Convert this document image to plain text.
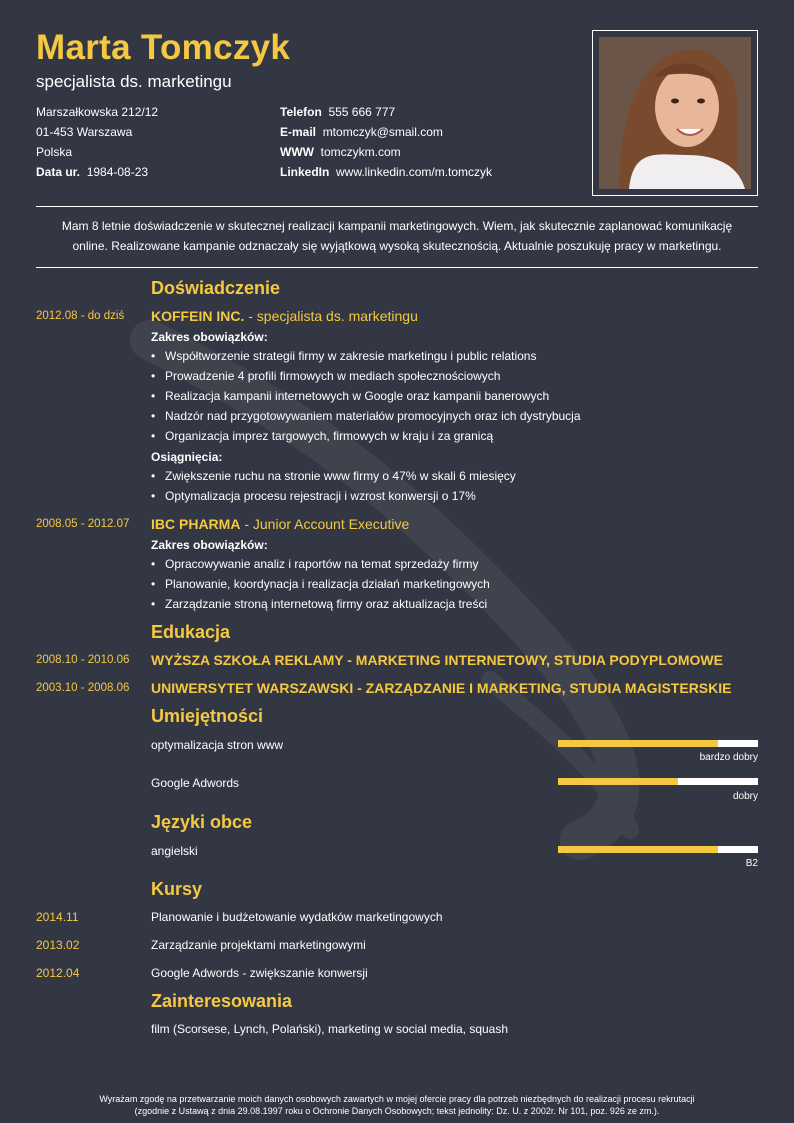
Marta Tomczyk
specjalista ds. marketingu
Marszałkowska 212/12
01-453 Warszawa
Polska
Data ur. 1984-08-23
Telefon 555 666 777
E-mail mtomczyk@smail.com
WWW tomczykm.com
LinkedIn www.linkedin.com/m.tomczyk
Mam 8 letnie doświadczenie w skutecznej realizacji kampanii marketingowych. Wiem, jak skutecznie zaplanować komunikację
online. Realizowane kampanie odznaczały się wyjątkową wysoką skutecznością. Aktualnie poszukuję pracy w marketingu.
Doświadczenie
2012.08 - do dziś KOFFEIN INC. - specjalista ds. marketingu
Zakres obowiązków:
• Współtworzenie strategii firmy w zakresie marketingu i public relations
• Prowadzenie 4 profili firmowych w mediach społecznościowych
• Realizacja kampanii internetowych w Google oraz kampanii banerowych
• Nadzór nad przygotowywaniem materiałów promocyjnych oraz ich dystrybucja
• Organizacja imprez targowych, firmowych w kraju i za granicą
Osiągnięcia:
• Zwiększenie ruchu na stronie www firmy o 47% w skali 6 miesięcy
• Optymalizacja procesu rejestracji i wzrost konwersji o 17%
2008.05 - 2012.07 IBC PHARMA - Junior Account Executive
Zakres obowiązków:
• Opracowywanie analiz i raportów na temat sprzedaży firmy
• Planowanie, koordynacja i realizacja działań marketingowych
• Zarządzanie stroną internetową firmy oraz aktualizacja treści
Edukacja
2008.10 - 2010.06 WYŻSZA SZKOŁA REKLAMY - MARKETING INTERNETOWY, STUDIA PODYPLOMOWE
2003.10 - 2008.06 UNIWERSYTET WARSZAWSKI - ZARZĄDZANIE I MARKETING, STUDIA MAGISTERSKIE
Umiejętności
optymalizacja stron www
bardzo dobry
Google Adwords
dobry
Języki obce
angielski
B2
Kursy
2014.11	Planowanie i budżetowanie wydatków marketingowych
2013.02	Zarządzanie projektami marketingowymi
2012.04	Google Adwords - zwiększanie konwersji
Zainteresowania
film (Scorsese, Lynch, Polański), marketing w social media, squash
Wyrażam zgodę na przetwarzanie moich danych osobowych zawartych w mojej ofercie pracy dla potrzeb niezbędnych do realizacji procesu rekrutacji
(zgodnie z Ustawą z dnia 29.08.1997 roku o Ochronie Danych Osobowych; tekst jednolity: Dz. U. z 2002r. Nr 101, poz. 926 ze zm.).
